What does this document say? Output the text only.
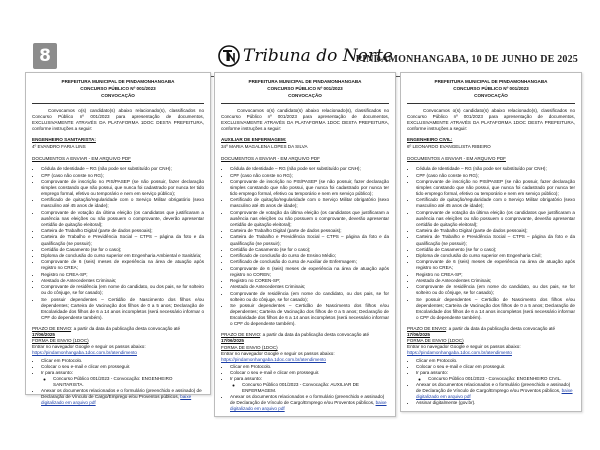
8	Tribuna do Norte
PINDAMONHANGABA, 10 DE JUNHO DE 2025
PREFEITURA MUNICIPAL DE PINDAMONHANGABA
CONCURSO PÚBLICO Nº 001/2023
CONVOCAÇÃO
Convocamos o(s) candidato(s) abaixo relacionado(s), classificados no Concurso Público nº 001/2023 para apresentação de documentos, EXCLUSIVAMENTE ATRAVÉS DA PLATAFORMA 1DOC DESTA PREFEITURA, conforme instruções a seguir:
ENGENHEIRO SANITARISTA:
4º EVANDRO FARIA LINS
DOCUMENTOS A ENVIAR - EM ARQUIVO PDF
• Cédula de Identidade – RG (não pode ser substituído por CNH);
• CPF (caso não conste no RG);
• Comprovante de inscrição no PIS/PASEP (se não possuir, fazer declaração simples constando que não possui, que nunca foi cadastrado por nunca ter tido emprego formal, efetivo ou temporário e nem em serviço público);
• Certificado de quitação/regularidade com o Serviço Militar obrigatório (sexo masculino até 45 anos de idade);
• Comprovante de votação da última eleição (os candidatos que justificaram a ausência nas eleições ou não possuem o comprovante, deverão apresentar certidão de quitação eleitoral);
• Carteira de Trabalho Digital (parte de dados pessoais);
• Carteira de Trabalho e Previdência Social – CTPS – página da foto e da qualificação (se possuir);
• Certidão de Casamento (se for o caso);
• Diploma de conclusão do curso superior em Engenharia Ambiental e Sanitária;
• Comprovante de 6 (seis) meses de experiência na área de atuação após registro no CREA;
• Registro no CREA-SP;
• Atestado de Antecedentes Criminais;
• Comprovante de residência (em nome do candidato, ou dos pais, se for solteiro ou do cônjuge, se for casado);
• Se possuir dependentes – Certidão de Nascimento dos filhos e/ou dependentes; Carteira de Vacinação dos filhos de 0 a 5 anos; Declaração de Escolaridade dos filhos de 6 a 14 anos incompletos (será necessário informar o CPF do dependente também).
PRAZO DE ENVIO: a partir da data da publicação desta convocação até 17/06/2025
FORMA DE ENVIO (1DOC)
Entrar no navegador Google e seguir os passos abaixo:
https://pindamonhangaba.1doc.com.br/atendimento
• Clicar em Protocolo.
• Colocar o seu e-mail e clicar em prosseguir.
• Ir para assunto:
◦ Concurso Público 001/2023 - Convocação: ENGENHEIRO SANITARISTA.
• Anexar os documentos relacionados e o formulário (preenchido e assinado) de Declaração de Vínculo de Cargo/Emprego e/ou Proventos públicos, baixe digitalizado em arquivo pdf
PREFEITURA MUNICIPAL DE PINDAMONHANGABA
CONCURSO PÚBLICO Nº 001/2023
CONVOCAÇÃO
Convocamos o(s) candidato(s) abaixo relacionado(s), classificados no Concurso Público nº 001/2023 para apresentação de documentos, EXCLUSIVAMENTE ATRAVÉS DA PLATAFORMA 1DOC DESTA PREFEITURA, conforme instruções a seguir:
AUXILIAR DE ENFERMAGEM:
34º MARIA MAGALENA LOPES DA SILVA
DOCUMENTOS A ENVIAR - EM ARQUIVO PDF
• Cédula de Identidade – RG (não pode ser substituído por CNH);
• CPF (caso não conste no RG);
• Comprovante de inscrição no PIS/PASEP (se não possuir, fazer declaração simples constando que não possui, que nunca foi cadastrado por nunca ter tido emprego formal, efetivo ou temporário e nem em serviço público);
• Certificado de quitação/regularidade com o Serviço Militar obrigatório (sexo masculino até 45 anos de idade);
• Comprovante de votação da última eleição (os candidatos que justificaram a ausência nas eleições ou não possuem o comprovante, deverão apresentar certidão de quitação eleitoral);
• Carteira de Trabalho Digital (parte de dados pessoais);
• Carteira de Trabalho e Previdência Social – CTPS – página da foto e da qualificação (se possuir);
• Certidão de Casamento (se for o caso);
• Certificado de conclusão do curso de Ensino Médio;
• Certificado de conclusão do curso de Auxiliar de Enfermagem;
• Comprovante de 6 (seis) meses de experiência na área de atuação após registro no COREN;
• Registro no COREN-SP;
• Atestado de Antecedentes Criminais;
• Comprovante de residência (em nome do candidato, ou dos pais, se for solteiro ou do cônjuge, se for casado);
• Se possuir dependentes – Certidão de Nascimento dos filhos e/ou dependentes; Carteira de Vacinação dos filhos de 0 a 5 anos; Declaração de Escolaridade dos filhos de 6 a 14 anos incompletos (será necessário informar o CPF do dependente também).
PRAZO DE ENVIO: a partir da data da publicação desta convocação até 17/06/2025
FORMA DE ENVIO (1DOC)
Entrar no navegador Google e seguir os passos abaixo:
https://pindamonhangaba.1doc.com.br/atendimento
• Clicar em Protocolo.
• Colocar o seu e-mail e clicar em prosseguir.
• Ir para assunto:
◦ Concurso Público 001/2023 - Convocação: AUXILIAR DE ENFERMAGEM.
• Anexar os documentos relacionados e o formulário (preenchido e assinado) de Declaração de Vínculo de Cargo/Emprego e/ou Proventos públicos, baixe digitalizado em arquivo pdf
PREFEITURA MUNICIPAL DE PINDAMONHANGABA
CONCURSO PÚBLICO Nº 001/2023
CONVOCAÇÃO
Convocamos o(s) candidato(s) abaixo relacionado(s), classificados no Concurso Público nº 001/2023 para apresentação de documentos, EXCLUSIVAMENTE ATRAVÉS DA PLATAFORMA 1DOC DESTA PREFEITURA, conforme instruções a seguir:
ENGENHEIRO CIVIL:
6º LEONARDO EVANGELISTA RIBEIRO
DOCUMENTOS A ENVIAR - EM ARQUIVO PDF
• Cédula de Identidade – RG (não pode ser substituído por CNH);
• CPF (caso não conste no RG);
• Comprovante de inscrição no PIS/PASEP (se não possuir, fazer declaração simples constando que não possui, que nunca foi cadastrado por nunca ter tido emprego formal, efetivo ou temporário e nem em serviço público);
• Certificado de quitação/regularidade com o Serviço Militar obrigatório (sexo masculino até 45 anos de idade);
• Comprovante de votação da última eleição (os candidatos que justificaram a ausência nas eleições ou não possuem o comprovante, deverão apresentar certidão de quitação eleitoral);
• Carteira de Trabalho Digital (parte de dados pessoais);
• Carteira de Trabalho e Previdência Social – CTPS – página da foto e da qualificação (se possuir);
• Certidão de Casamento (se for o caso);
• Diploma de conclusão do curso superior em Engenharia Civil;
• Comprovante de 6 (seis) meses de experiência na área de atuação após registro no CREA;
• Registro no CREA-SP;
• Atestado de Antecedentes Criminais;
• Comprovante de residência (em nome do candidato, ou dos pais, se for solteiro ou do cônjuge, se for casado);
• Se possuir dependentes – Certidão de Nascimento dos filhos e/ou dependentes; Carteira de Vacinação dos filhos de 0 a 5 anos; Declaração de Escolaridade dos filhos de 6 a 14 anos incompletos (será necessário informar o CPF do dependente também).
PRAZO DE ENVIO: a partir da data da publicação desta convocação até 17/06/2025
FORMA DE ENVIO (1DOC)
Entrar no navegador Google e seguir os passos abaixo:
https://pindamonhangaba.1doc.com.br/atendimento
• Clicar em Protocolo.
• Colocar o seu e-mail e clicar em prosseguir.
• Ir para assunto:
◦ Concurso Público 001/2023 - Convocação: ENGENHEIRO CIVIL.
• Anexar os documentos relacionados e o formulário (preenchido e assinado) de Declaração de Vínculo de Cargo/Emprego e/ou Proventos públicos, baixe digitalizado em arquivo pdf
• Assinar digitalmente (gov.br).
